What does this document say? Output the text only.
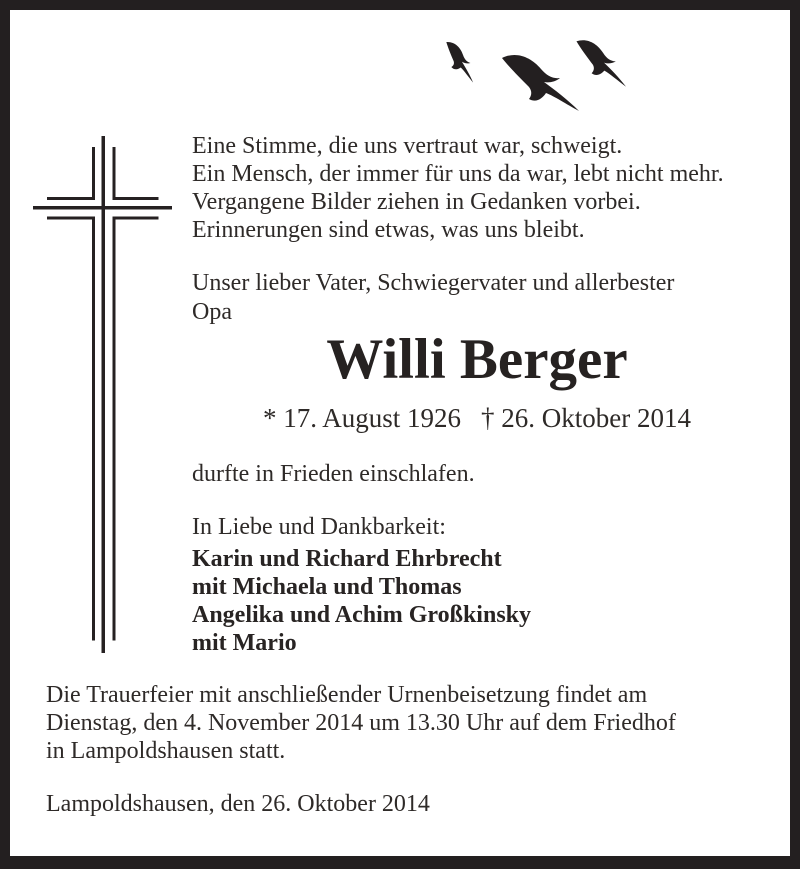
Eine Stimme, die uns vertraut war, schweigt.
Ein Mensch, der immer für uns da war, lebt nicht mehr.
Vergangene Bilder ziehen in Gedanken vorbei.
Erinnerungen sind etwas, was uns bleibt.
Unser lieber Vater, Schwiegervater und allerbester
Opa
Willi Berger
* 17. August 1926 † 26. Oktober 2014
durfte in Frieden einschlafen.
In Liebe und Dankbarkeit:
Karin und Richard Ehrbrecht
mit Michaela und Thomas
Angelika und Achim Großkinsky
mit Mario
Die Trauerfeier mit anschließender Urnenbeisetzung findet am
Dienstag, den 4. November 2014 um 13.30 Uhr auf dem Friedhof
in Lampoldshausen statt.
Lampoldshausen, den 26. Oktober 2014
